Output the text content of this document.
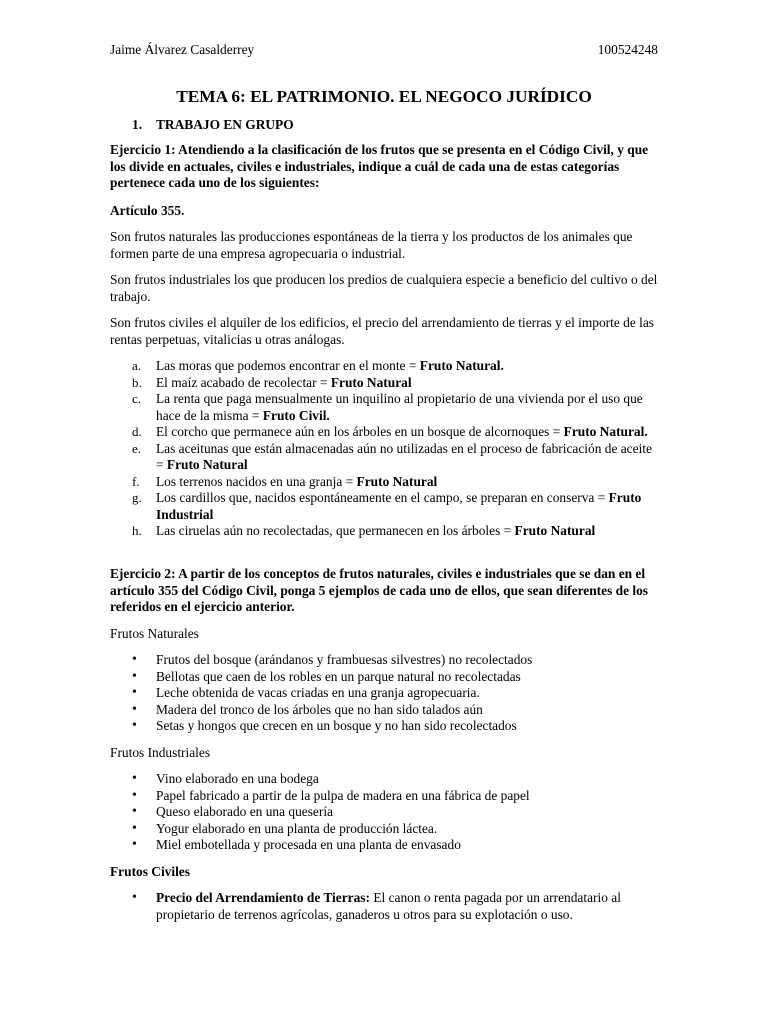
Jaime Álvarez Casalderrey	100524248
TEMA 6: EL PATRIMONIO. EL NEGOCO JURÍDICO
1. TRABAJO EN GRUPO
Ejercicio 1: Atendiendo a la clasificación de los frutos que se presenta en el Código Civil, y que los divide en actuales, civiles e industriales, indique a cuál de cada una de estas categorías pertenece cada uno de los siguientes:
Artículo 355.
Son frutos naturales las producciones espontáneas de la tierra y los productos de los animales que formen parte de una empresa agropecuaria o industrial.
Son frutos industriales los que producen los predios de cualquiera especie a beneficio del cultivo o del trabajo.
Son frutos civiles el alquiler de los edificios, el precio del arrendamiento de tierras y el importe de las rentas perpetuas, vitalicias u otras análogas.
a.	Las moras que podemos encontrar en el monte = Fruto Natural.
b.	El maíz acabado de recolectar = Fruto Natural
c.	La renta que paga mensualmente un inquilino al propietario de una vivienda por el uso que hace de la misma = Fruto Civil.
d.	El corcho que permanece aún en los árboles en un bosque de alcornoques = Fruto Natural.
e.	Las aceitunas que están almacenadas aún no utilizadas en el proceso de fabricación de aceite = Fruto Natural
f.	Los terrenos nacidos en una granja = Fruto Natural
g.	Los cardillos que, nacidos espontáneamente en el campo, se preparan en conserva = Fruto Industrial
h.	Las ciruelas aún no recolectadas, que permanecen en los árboles = Fruto Natural
Ejercicio 2: A partir de los conceptos de frutos naturales, civiles e industriales que se dan en el artículo 355 del Código Civil, ponga 5 ejemplos de cada uno de ellos, que sean diferentes de los referidos en el ejercicio anterior.
Frutos Naturales
•	Frutos del bosque (arándanos y frambuesas silvestres) no recolectados
•	Bellotas que caen de los robles en un parque natural no recolectadas
•	Leche obtenida de vacas criadas en una granja agropecuaria.
•	Madera del tronco de los árboles que no han sido talados aún
•	Setas y hongos que crecen en un bosque y no han sido recolectados
Frutos Industriales
•	Vino elaborado en una bodega
•	Papel fabricado a partir de la pulpa de madera en una fábrica de papel
•	Queso elaborado en una quesería
•	Yogur elaborado en una planta de producción láctea.
•	Miel embotellada y procesada en una planta de envasado
Frutos Civiles
•	Precio del Arrendamiento de Tierras: El canon o renta pagada por un arrendatario al propietario de terrenos agrícolas, ganaderos u otros para su explotación o uso.
